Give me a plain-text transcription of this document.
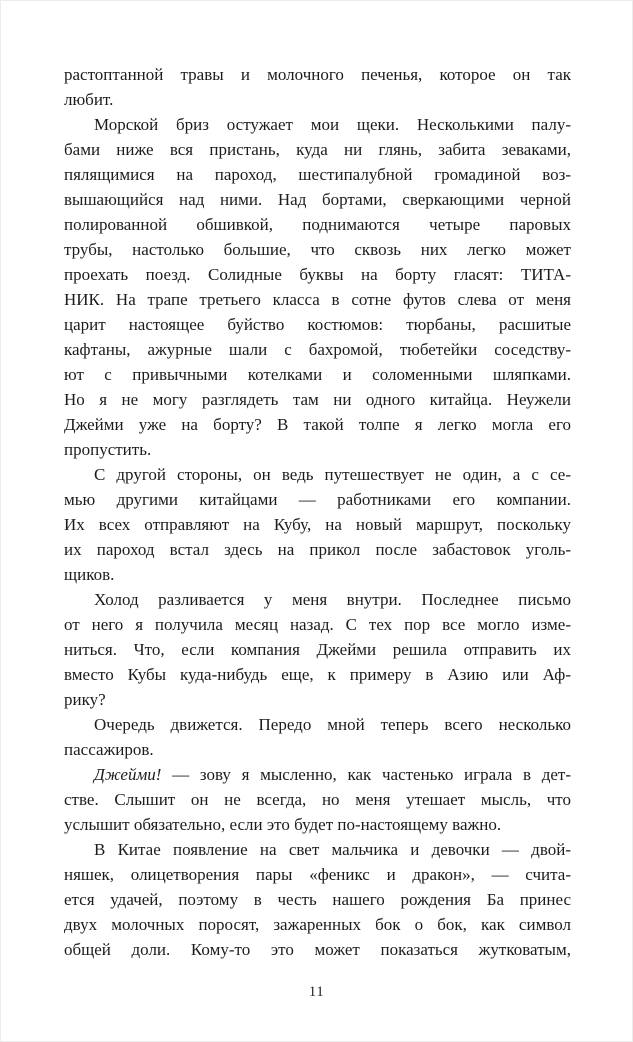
растоптанной травы и молочного печенья, которое он так
любит.
Морской бриз остужает мои щеки. Несколькими палу-
бами ниже вся пристань, куда ни глянь, забита зеваками,
пялящимися на пароход, шестипалубной громадиной воз-
вышающийся над ними. Над бортами, сверкающими черной
полированной обшивкой, поднимаются четыре паровых
трубы, настолько большие, что сквозь них легко может
проехать поезд. Солидные буквы на борту гласят: ТИТА-
НИК. На трапе третьего класса в сотне футов слева от меня
царит настоящее буйство костюмов: тюрбаны, расшитые
кафтаны, ажурные шали с бахромой, тюбетейки соседству-
ют с привычными котелками и соломенными шляпками.
Но я не могу разглядеть там ни одного китайца. Неужели
Джейми уже на борту? В такой толпе я легко могла его
пропустить.
С другой стороны, он ведь путешествует не один, а с се-
мью другими китайцами — работниками его компании.
Их всех отправляют на Кубу, на новый маршрут, поскольку
их пароход встал здесь на прикол после забастовок уголь-
щиков.
Холод разливается у меня внутри. Последнее письмо
от него я получила месяц назад. С тех пор все могло изме-
ниться. Что, если компания Джейми решила отправить их
вместо Кубы куда-нибудь еще, к примеру в Азию или Аф-
рику?
Очередь движется. Передо мной теперь всего несколько
пассажиров.
Джейми! — зову я мысленно, как частенько играла в дет-
стве. Слышит он не всегда, но меня утешает мысль, что
услышит обязательно, если это будет по-настоящему важно.
В Китае появление на свет мальчика и девочки — двой-
няшек, олицетворения пары «феникс и дракон», — счита-
ется удачей, поэтому в честь нашего рождения Ба принес
двух молочных поросят, зажаренных бок о бок, как символ
общей доли. Кому-то это может показаться жутковатым,
11
